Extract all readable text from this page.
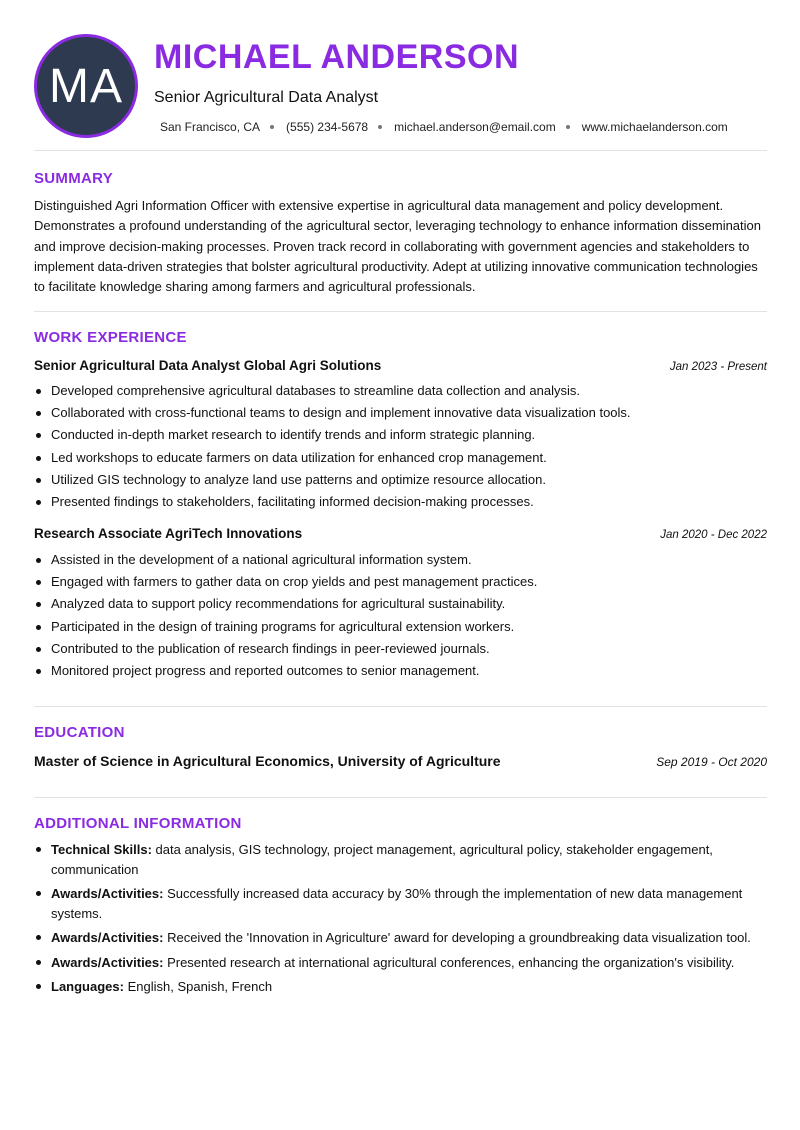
MA
MICHAEL ANDERSON
Senior Agricultural Data Analyst
San Francisco, CA (555) 234-5678 michael.anderson@email.com www.michaelanderson.com
SUMMARY
Distinguished Agri Information Officer with extensive expertise in agricultural data management and policy development. Demonstrates a profound understanding of the agricultural sector, leveraging technology to enhance information dissemination and improve decision-making processes. Proven track record in collaborating with government agencies and stakeholders to implement data-driven strategies that bolster agricultural productivity. Adept at utilizing innovative communication technologies to facilitate knowledge sharing among farmers and agricultural professionals.
WORK EXPERIENCE
Senior Agricultural Data Analyst Global Agri Solutions	Jan 2023 - Present
Developed comprehensive agricultural databases to streamline data collection and analysis.
Collaborated with cross-functional teams to design and implement innovative data visualization tools.
Conducted in-depth market research to identify trends and inform strategic planning.
Led workshops to educate farmers on data utilization for enhanced crop management.
Utilized GIS technology to analyze land use patterns and optimize resource allocation.
Presented findings to stakeholders, facilitating informed decision-making processes.
Research Associate AgriTech Innovations	Jan 2020 - Dec 2022
Assisted in the development of a national agricultural information system.
Engaged with farmers to gather data on crop yields and pest management practices.
Analyzed data to support policy recommendations for agricultural sustainability.
Participated in the design of training programs for agricultural extension workers.
Contributed to the publication of research findings in peer-reviewed journals.
Monitored project progress and reported outcomes to senior management.
EDUCATION
Master of Science in Agricultural Economics, University of Agriculture	Sep 2019 - Oct 2020
ADDITIONAL INFORMATION
Technical Skills: data analysis, GIS technology, project management, agricultural policy, stakeholder engagement, communication
Awards/Activities: Successfully increased data accuracy by 30% through the implementation of new data management systems.
Awards/Activities: Received the 'Innovation in Agriculture' award for developing a groundbreaking data visualization tool.
Awards/Activities: Presented research at international agricultural conferences, enhancing the organization's visibility.
Languages: English, Spanish, French
